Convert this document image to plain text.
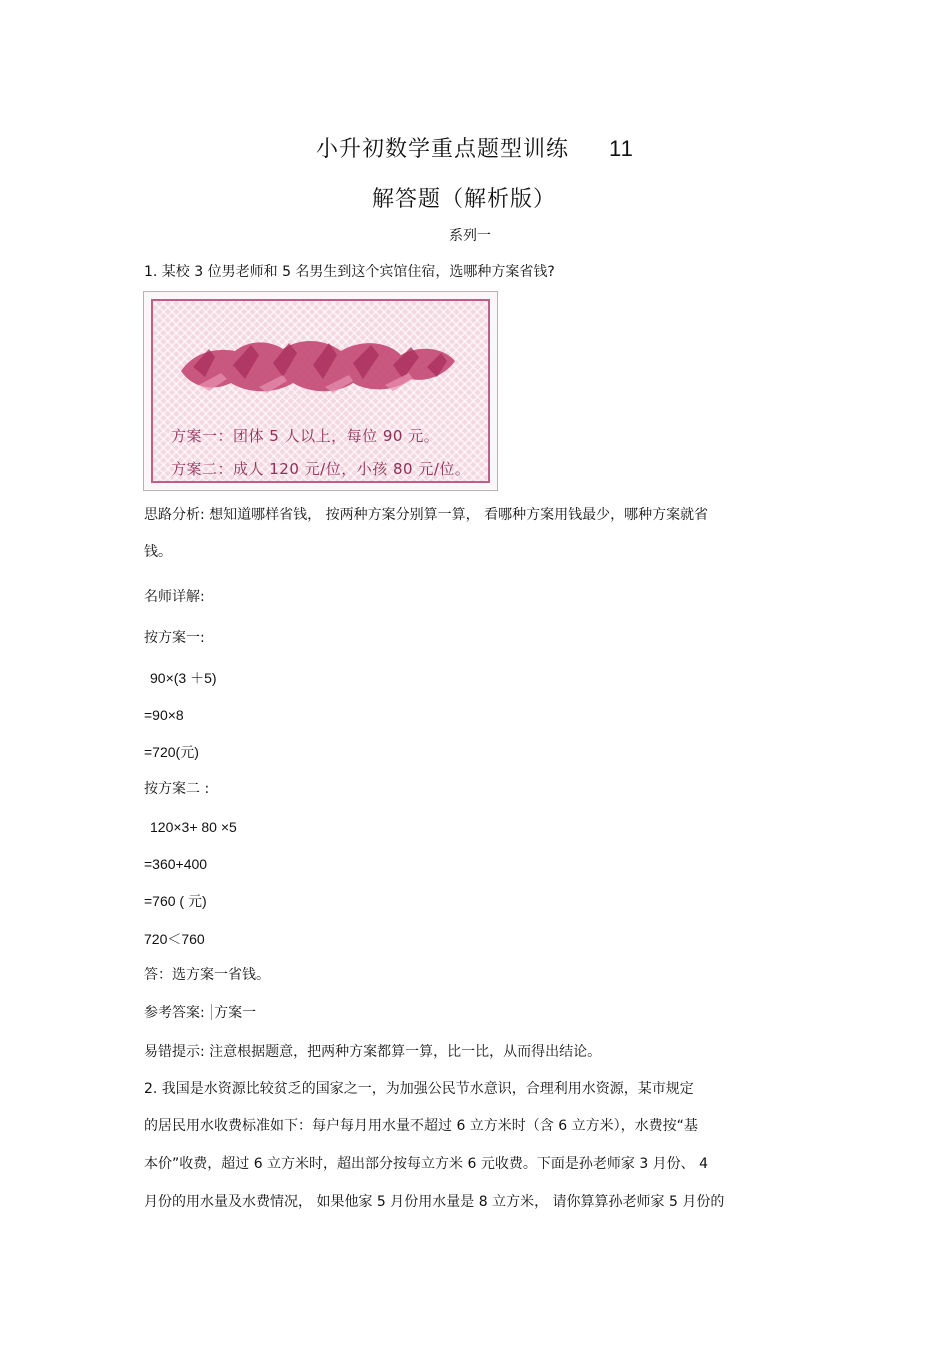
小升初数学重点题型训练 11
解答题（解析版）
系列一
1. 某校 3 位男老师和 5 名男生到这个宾馆住宿，选哪种方案省钱?
方案一：团体 5 人以上，每位 90 元。
方案二：成人 120 元/位，小孩 80 元/位。
思路分析: 想知道哪样省钱， 按两种方案分别算一算， 看哪种方案用钱最少，哪种方案就省
钱。
名师详解:
按方案一:
90×(3 ＋5)
=90×8
=720(元)
按方案二 :
120×3+ 80 ×5
=360+400
=760 ( 元)
720＜760
答：选方案一省钱。
参考答案: 方案一
易错提示: 注意根据题意，把两种方案都算一算，比一比，从而得出结论。
2. 我国是水资源比较贫乏的国家之一，为加强公民节水意识，合理利用水资源，某市规定
的居民用水收费标准如下：每户每月用水量不超过 6 立方米时（含 6 立方米），水费按“基
本价”收费，超过 6 立方米时，超出部分按每立方米 6 元收费。下面是孙老师家 3 月份、 4
月份的用水量及水费情况， 如果他家 5 月份用水量是 8 立方米， 请你算算孙老师家 5 月份的
